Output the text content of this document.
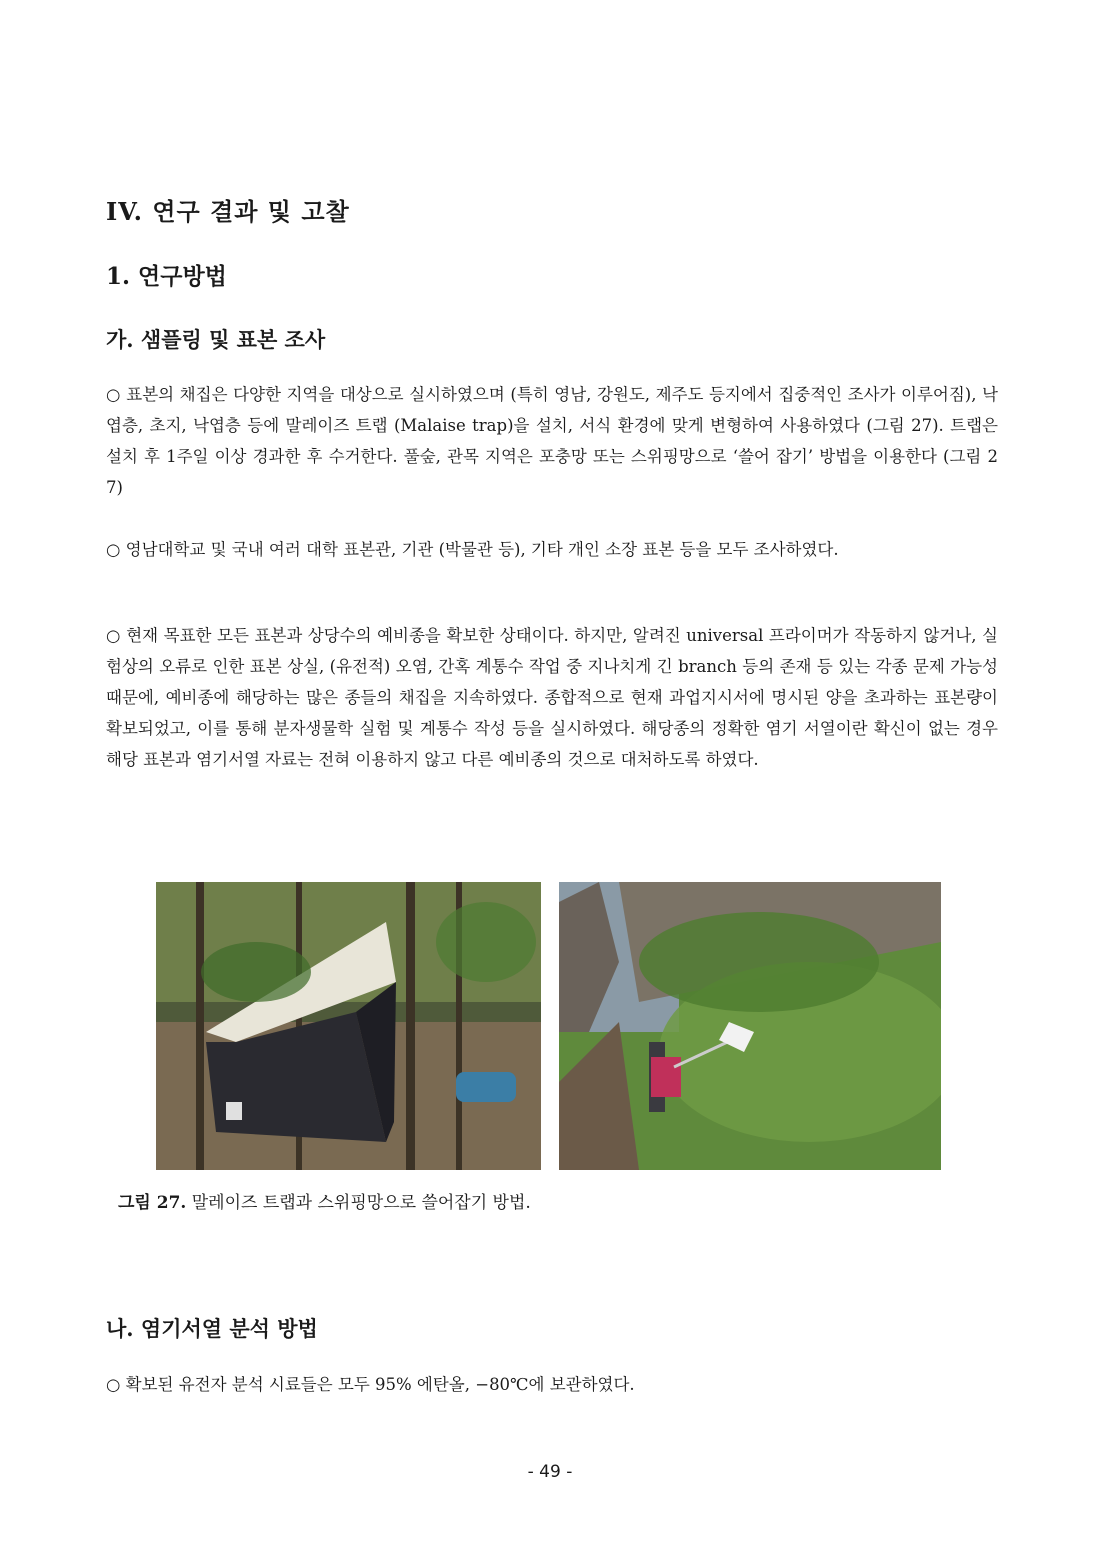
IV. 연구 결과 및 고찰
1. 연구방법
가. 샘플링 및 표본 조사

○ 표본의 채집은 다양한 지역을 대상으로 실시하였으며 (특히 영남, 강원도, 제주도 등지에서 집중적인 조사가 이루어짐), 낙엽층, 초지, 낙엽층 등에 말레이즈 트랩 (Malaise trap)을 설치, 서식 환경에 맞게 변형하여 사용하였다 (그림 27). 트랩은 설치 후 1주일 이상 경과한 후 수거한다. 풀숲, 관목 지역은 포충망 또는 스위핑망으로 ‘쓸어 잡기’ 방법을 이용한다 (그림 27)

○ 영남대학교 및 국내 여러 대학 표본관, 기관 (박물관 등), 기타 개인 소장 표본 등을 모두 조사하였다.

○ 현재 목표한 모든 표본과 상당수의 예비종을 확보한 상태이다. 하지만, 알려진 universal 프라이머가 작동하지 않거나, 실험상의 오류로 인한 표본 상실, (유전적) 오염, 간혹 계통수 작업 중 지나치게 긴 branch 등의 존재 등 있는 각종 문제 가능성 때문에, 예비종에 해당하는 많은 종들의 채집을 지속하였다. 종합적으로 현재 과업지시서에 명시된 양을 초과하는 표본량이 확보되었고, 이를 통해 분자생물학 실험 및 계통수 작성 등을 실시하였다. 해당종의 정확한 염기 서열이란 확신이 없는 경우 해당 표본과 염기서열 자료는 전혀 이용하지 않고 다른 예비종의 것으로 대처하도록 하였다.

그림 27. 말레이즈 트랩과 스위핑망으로 쓸어잡기 방법.

나. 염기서열 분석 방법

○ 확보된 유전자 분석 시료들은 모두 95% 에탄올, −80℃에 보관하였다.

- 49 -
